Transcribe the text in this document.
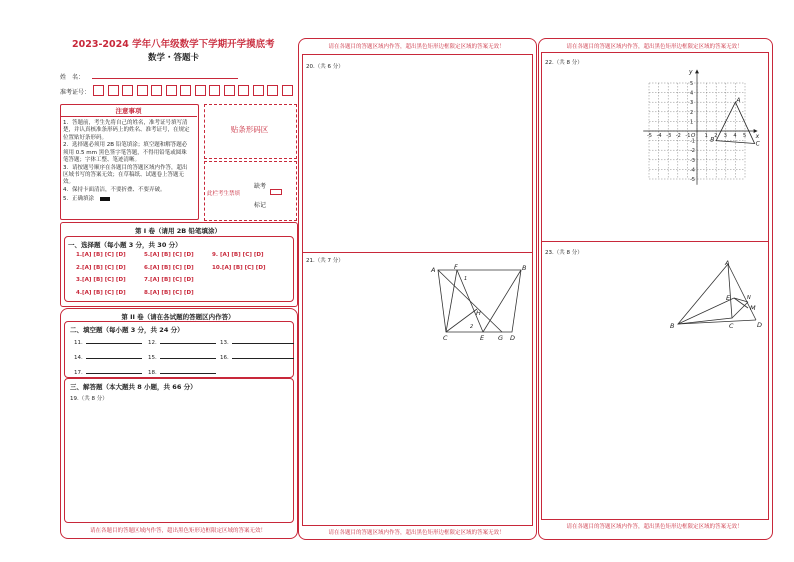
2023-2024 学年八年级数学下学期开学摸底考
数学・答题卡
姓　名：
准考证号：
注意事项
1．答题前，考生先将自己的姓名，准考证号填写清楚，并认真核准条形码上的姓名、准考证号，在规定位置贴好条形码。
2．选择题必须用 2B 铅笔填涂；填空题和解答题必须用 0.5 mm 黑色签字笔答题，不得用铅笔或圆珠笔答题；字体工整、笔迹清晰。
3．请按题号顺序在各题目的答题区域内作答，超出区域书写的答案无效；在草稿纸、试题卷上答题无效。
4．保持卡面清洁，不要折叠、不要弄破。
5．正确填涂
贴条形码区
缺考
此栏考生禁填
标记
第 I 卷（请用 2B 铅笔填涂）
一、选择题（每小题 3 分，共 30 分）
1.[A] [B] [C] [D]	5.[A] [B] [C] [D]	9. [A] [B] [C] [D]
2.[A] [B] [C] [D]	6.[A] [B] [C] [D]	10.[A] [B] [C] [D]
3.[A] [B] [C] [D]	7.[A] [B] [C] [D]
4.[A] [B] [C] [D]	8.[A] [B] [C] [D]
第 II 卷（请在各试题的答题区内作答）
二、填空题（每小题 3 分，共 24 分）
11.	12.	13.
14.	15.	16.
17.	18.
三、解答题（本大题共 8 小题，共 66 分）
19.（共 8 分）
请在各题目的答题区域内作答，超出黑色矩形边框限定区域的答案无效！
请在各题目的答题区域内作答，超出黑色矩形边框限定区域的答案无效！
20.（共 6 分）
21.（共 7 分）
A	F	B
H
C	E G D
1
2
请在各题目的答题区域内作答，超出黑色矩形边框限定区域的答案无效！
请在各题目的答题区域内作答，超出黑色矩形边框限定区域的答案无效！
22.（共 8 分）
-5 -4 -3 -2 -1	1 2 3 4 5
5
4
3
2
1
-1
-2
-3
-4
-5
O	x
y
A
B
C
23.（共 8 分）
A
B	C	D
E	N
M
请在各题目的答题区域内作答，超出黑色矩形边框限定区域的答案无效！
